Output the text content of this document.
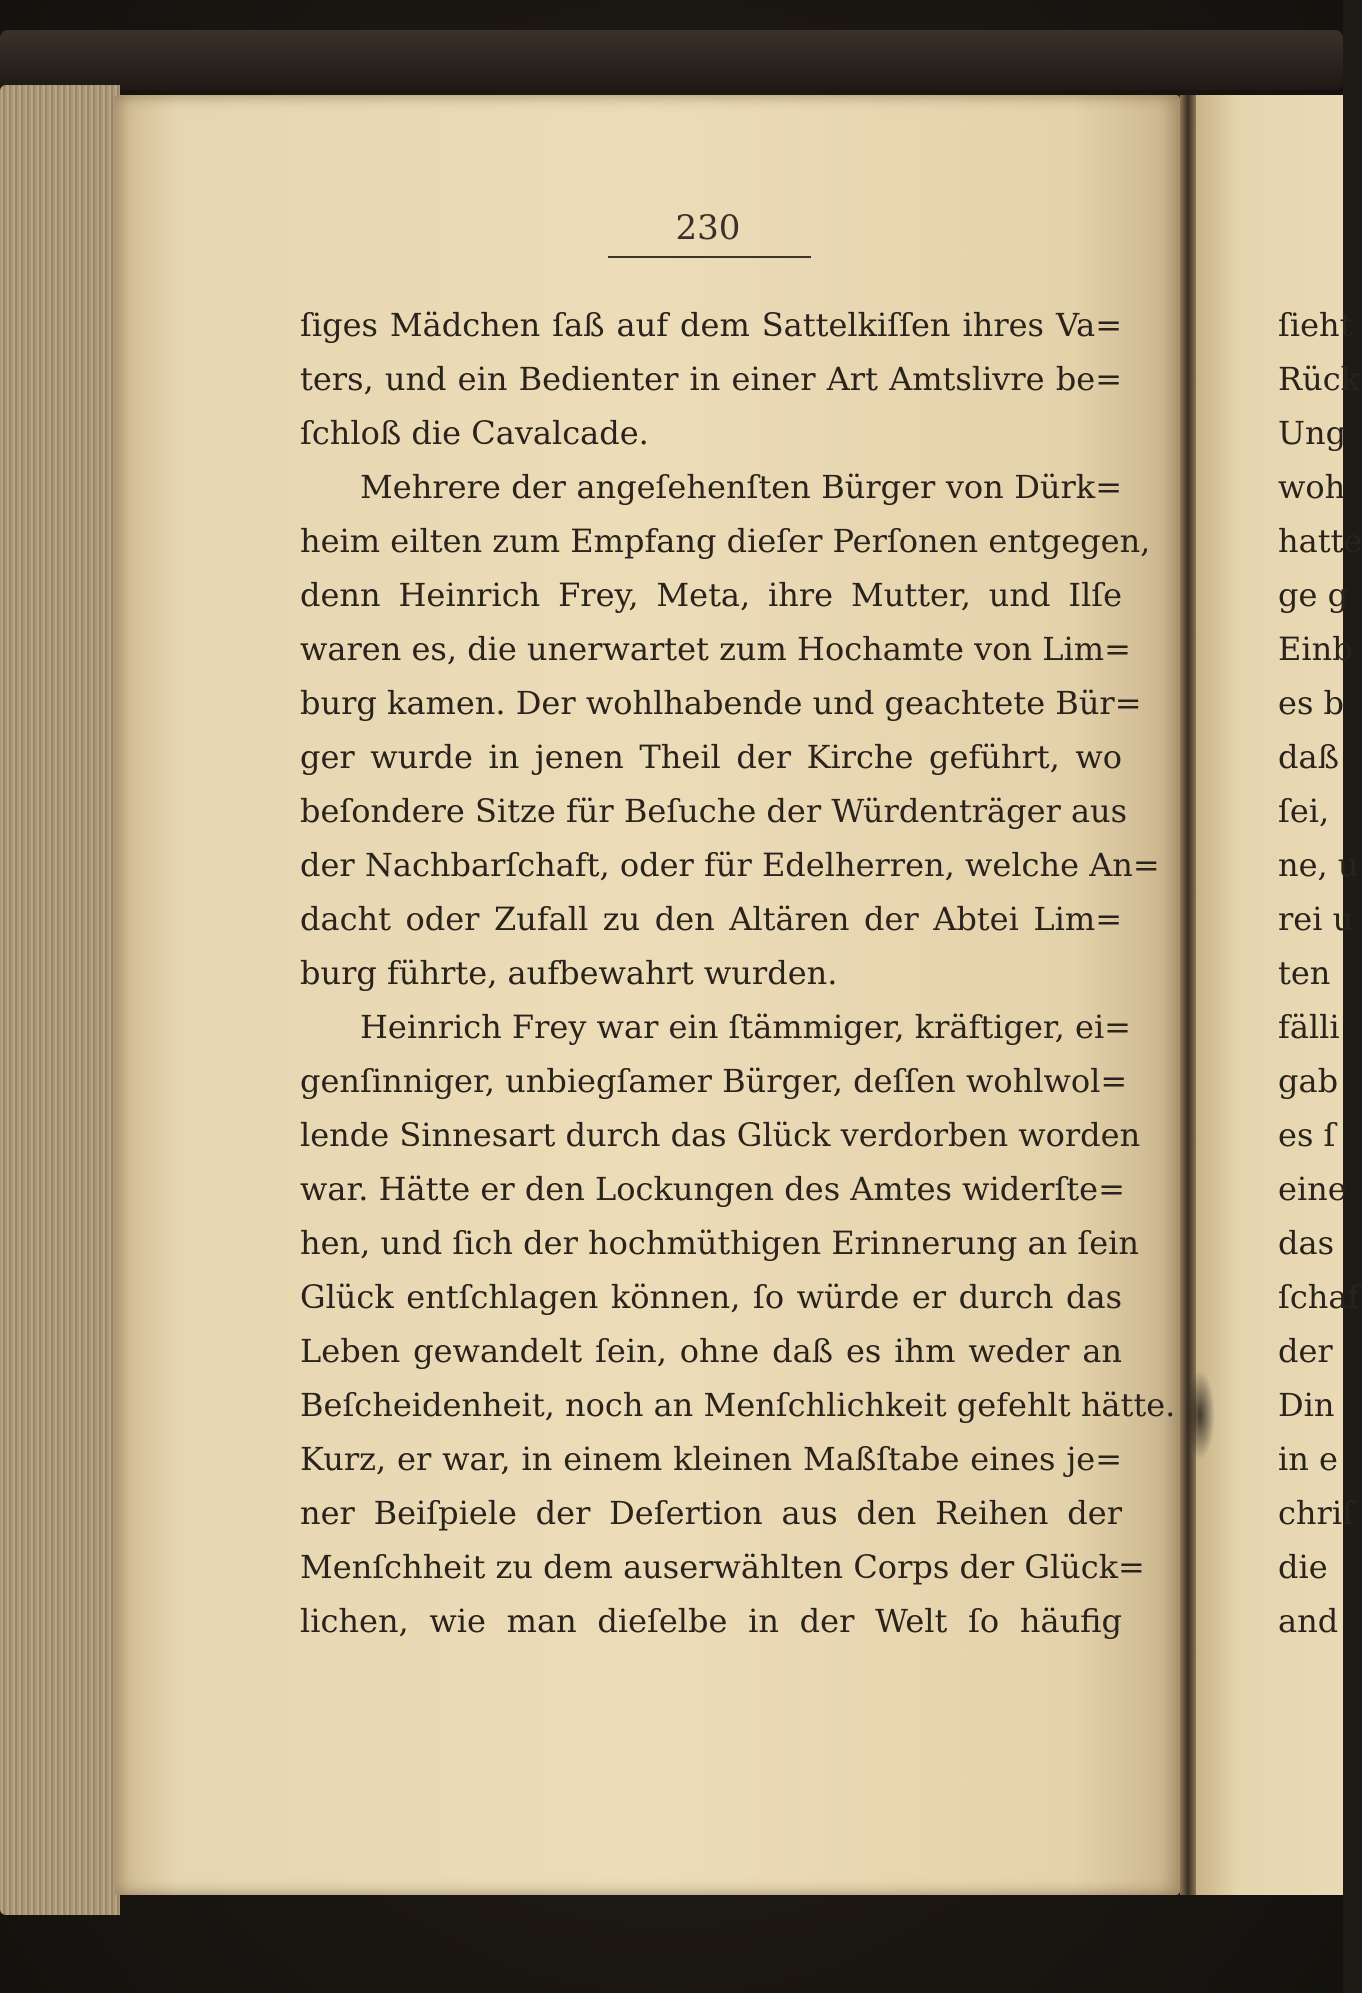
230
ſiges Mädchen ſaß auf dem Sattelkiſſen ihres Va=
ters, und ein Bedienter in einer Art Amtslivre be=
ſchloß die Cavalcade.
Mehrere der angeſehenſten Bürger von Dürk=
heim eilten zum Empfang dieſer Perſonen entgegen,
denn Heinrich Frey, Meta, ihre Mutter, und Ilſe
waren es, die unerwartet zum Hochamte von Lim=
burg kamen. Der wohlhabende und geachtete Bür=
ger wurde in jenen Theil der Kirche geführt, wo
beſondere Sitze für Beſuche der Würdenträger aus
der Nachbarſchaft, oder für Edelherren, welche An=
dacht oder Zufall zu den Altären der Abtei Lim=
burg führte, aufbewahrt wurden.
Heinrich Frey war ein ſtämmiger, kräftiger, ei=
genſinniger, unbiegſamer Bürger, deſſen wohlwol=
lende Sinnesart durch das Glück verdorben worden
war. Hätte er den Lockungen des Amtes widerſte=
hen, und ſich der hochmüthigen Erinnerung an ſein
Glück entſchlagen können, ſo würde er durch das
Leben gewandelt ſein, ohne daß es ihm weder an
Beſcheidenheit, noch an Menſchlichkeit gefehlt hätte.
Kurz, er war, in einem kleinen Maßſtabe eines je=
ner Beiſpiele der Deſertion aus den Reihen der
Menſchheit zu dem auserwählten Corps der Glück=
lichen, wie man dieſelbe in der Welt ſo häufig
ſieht
Rück
Ung
woh
hatte
ge g
Einb
es b
daß
ſei,
ne, u
rei u
ten
fälli
gab
es ſ
eine
das
ſchaf
der
Din
in e
chriſ
die
and
